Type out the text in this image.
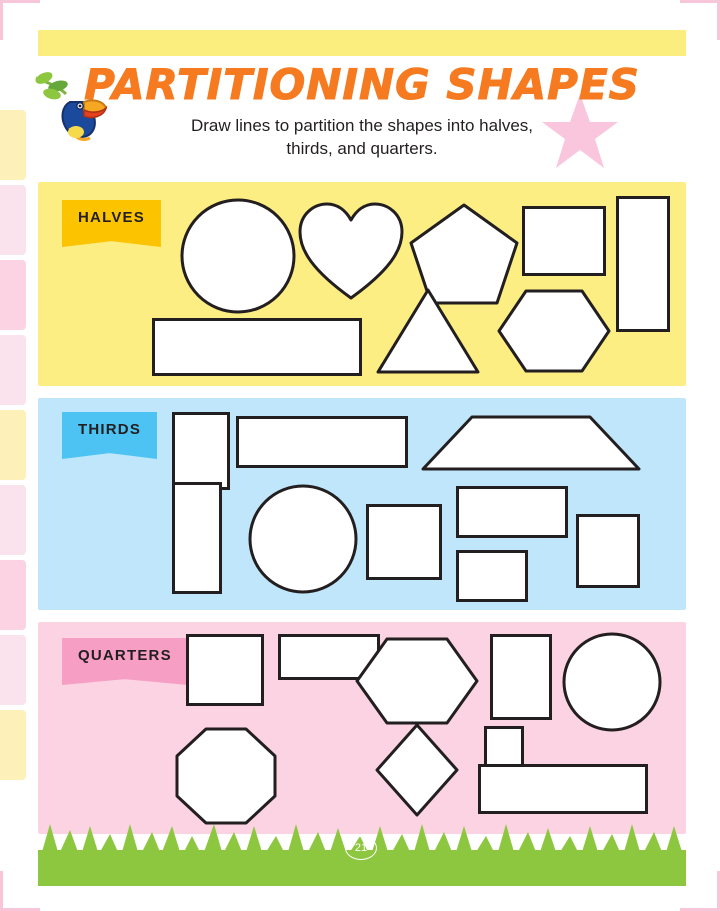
PARTITIONING SHAPES
Draw lines to partition the shapes into halves,
thirds, and quarters.
HALVES
THIRDS
QUARTERS
21
